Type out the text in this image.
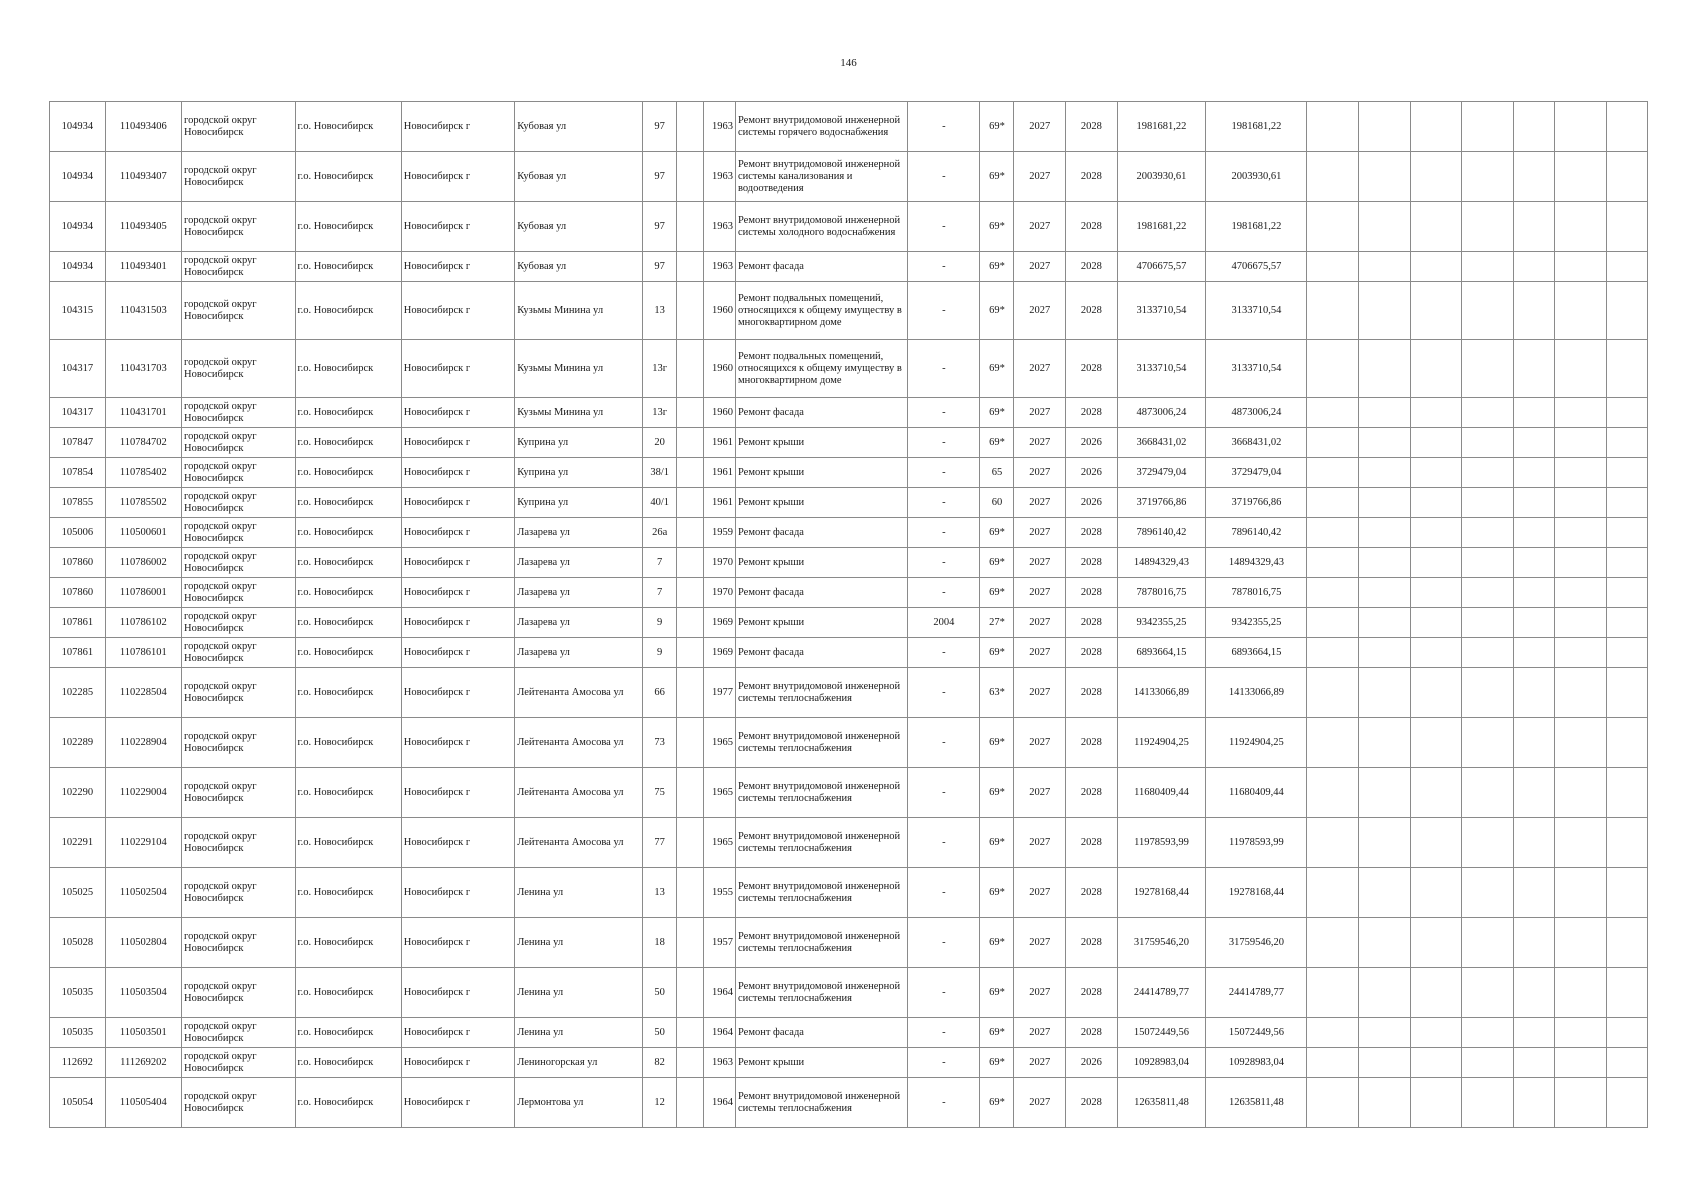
146
104934	110493406	городской округ Новосибирск	г.о. Новосибирск	Новосибирск г	Кубовая ул	97		1963	Ремонт внутридомовой инженерной системы горячего водоснабжения	-	69*	2027	2028	1981681,22	1981681,22							
104934	110493407	городской округ Новосибирск	г.о. Новосибирск	Новосибирск г	Кубовая ул	97		1963	Ремонт внутридомовой инженерной системы канализования и водоотведения	-	69*	2027	2028	2003930,61	2003930,61							
104934	110493405	городской округ Новосибирск	г.о. Новосибирск	Новосибирск г	Кубовая ул	97		1963	Ремонт внутридомовой инженерной системы холодного водоснабжения	-	69*	2027	2028	1981681,22	1981681,22							
104934	110493401	городской округ Новосибирск	г.о. Новосибирск	Новосибирск г	Кубовая ул	97		1963	Ремонт фасада	-	69*	2027	2028	4706675,57	4706675,57							
104315	110431503	городской округ Новосибирск	г.о. Новосибирск	Новосибирск г	Кузьмы Минина ул	13		1960	Ремонт подвальных помещений, относящихся к общему имуществу в многоквартирном доме	-	69*	2027	2028	3133710,54	3133710,54							
104317	110431703	городской округ Новосибирск	г.о. Новосибирск	Новосибирск г	Кузьмы Минина ул	13г		1960	Ремонт подвальных помещений, относящихся к общему имуществу в многоквартирном доме	-	69*	2027	2028	3133710,54	3133710,54							
104317	110431701	городской округ Новосибирск	г.о. Новосибирск	Новосибирск г	Кузьмы Минина ул	13г		1960	Ремонт фасада	-	69*	2027	2028	4873006,24	4873006,24							
107847	110784702	городской округ Новосибирск	г.о. Новосибирск	Новосибирск г	Куприна ул	20		1961	Ремонт крыши	-	69*	2027	2026	3668431,02	3668431,02							
107854	110785402	городской округ Новосибирск	г.о. Новосибирск	Новосибирск г	Куприна ул	38/1		1961	Ремонт крыши	-	65	2027	2026	3729479,04	3729479,04							
107855	110785502	городской округ Новосибирск	г.о. Новосибирск	Новосибирск г	Куприна ул	40/1		1961	Ремонт крыши	-	60	2027	2026	3719766,86	3719766,86							
105006	110500601	городской округ Новосибирск	г.о. Новосибирск	Новосибирск г	Лазарева ул	26а		1959	Ремонт фасада	-	69*	2027	2028	7896140,42	7896140,42							
107860	110786002	городской округ Новосибирск	г.о. Новосибирск	Новосибирск г	Лазарева ул	7		1970	Ремонт крыши	-	69*	2027	2028	14894329,43	14894329,43							
107860	110786001	городской округ Новосибирск	г.о. Новосибирск	Новосибирск г	Лазарева ул	7		1970	Ремонт фасада	-	69*	2027	2028	7878016,75	7878016,75							
107861	110786102	городской округ Новосибирск	г.о. Новосибирск	Новосибирск г	Лазарева ул	9		1969	Ремонт крыши	2004	27*	2027	2028	9342355,25	9342355,25							
107861	110786101	городской округ Новосибирск	г.о. Новосибирск	Новосибирск г	Лазарева ул	9		1969	Ремонт фасада	-	69*	2027	2028	6893664,15	6893664,15							
102285	110228504	городской округ Новосибирск	г.о. Новосибирск	Новосибирск г	Лейтенанта Амосова ул	66		1977	Ремонт внутридомовой инженерной системы теплоснабжения	-	63*	2027	2028	14133066,89	14133066,89							
102289	110228904	городской округ Новосибирск	г.о. Новосибирск	Новосибирск г	Лейтенанта Амосова ул	73		1965	Ремонт внутридомовой инженерной системы теплоснабжения	-	69*	2027	2028	11924904,25	11924904,25							
102290	110229004	городской округ Новосибирск	г.о. Новосибирск	Новосибирск г	Лейтенанта Амосова ул	75		1965	Ремонт внутридомовой инженерной системы теплоснабжения	-	69*	2027	2028	11680409,44	11680409,44							
102291	110229104	городской округ Новосибирск	г.о. Новосибирск	Новосибирск г	Лейтенанта Амосова ул	77		1965	Ремонт внутридомовой инженерной системы теплоснабжения	-	69*	2027	2028	11978593,99	11978593,99							
105025	110502504	городской округ Новосибирск	г.о. Новосибирск	Новосибирск г	Ленина ул	13		1955	Ремонт внутридомовой инженерной системы теплоснабжения	-	69*	2027	2028	19278168,44	19278168,44							
105028	110502804	городской округ Новосибирск	г.о. Новосибирск	Новосибирск г	Ленина ул	18		1957	Ремонт внутридомовой инженерной системы теплоснабжения	-	69*	2027	2028	31759546,20	31759546,20							
105035	110503504	городской округ Новосибирск	г.о. Новосибирск	Новосибирск г	Ленина ул	50		1964	Ремонт внутридомовой инженерной системы теплоснабжения	-	69*	2027	2028	24414789,77	24414789,77							
105035	110503501	городской округ Новосибирск	г.о. Новосибирск	Новосибирск г	Ленина ул	50		1964	Ремонт фасада	-	69*	2027	2028	15072449,56	15072449,56							
112692	111269202	городской округ Новосибирск	г.о. Новосибирск	Новосибирск г	Лениногорская ул	82		1963	Ремонт крыши	-	69*	2027	2026	10928983,04	10928983,04							
105054	110505404	городской округ Новосибирск	г.о. Новосибирск	Новосибирск г	Лермонтова ул	12		1964	Ремонт внутридомовой инженерной системы теплоснабжения	-	69*	2027	2028	12635811,48	12635811,48							
